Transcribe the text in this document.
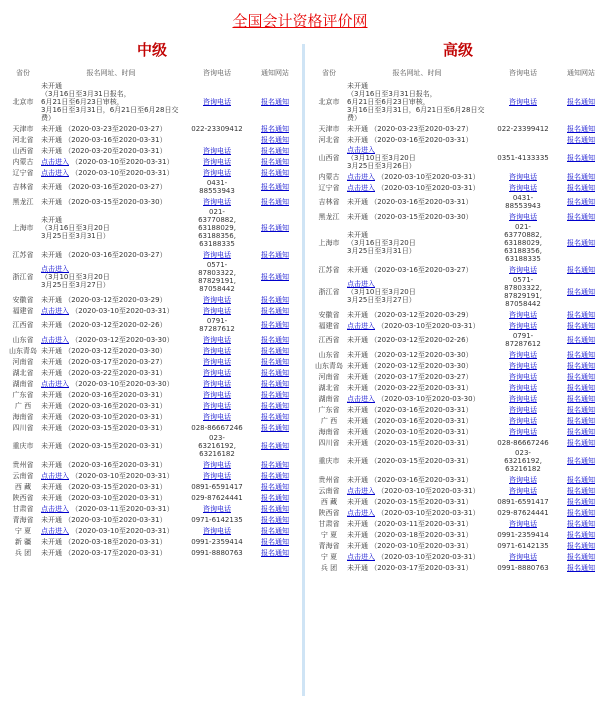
全国会计资格评价网
中级
省份	报名网址、时间	咨询电话	通知网站
北京市	未开通
（3月16日至3月31日报名，
6月21日至6月23日审核，
3月16日至3月31日，6月21日至6月28日交费）	咨询电话	报名通知
天津市	未开通 （2020-03-23至2020-03-27）	022-23309412	报名通知
河北省	未开通 （2020-03-16至2020-03-31）		报名通知
山西省	未开通 （2020-03-20至2020-03-31）	咨询电话	报名通知
内蒙古	点击进入 （2020-03-10至2020-03-31）	咨询电话	报名通知
辽宁省	点击进入 （2020-03-10至2020-03-31）	咨询电话	报名通知
吉林省	未开通 （2020-03-16至2020-03-27）	0431-
88553943	报名通知
黑龙江	未开通 （2020-03-15至2020-03-30）	咨询电话	报名通知
上海市	未开通
（3月16日至3月20日
3月25日至3月31日）	021-
63770882,
63188029,
63188356,
63188335	报名通知
江苏省	未开通 （2020-03-16至2020-03-27）	咨询电话	报名通知
浙江省	点击进入
（3月10日至3月20日
3月25日至3月27日）	0571-
87803322,
87829191,
87058442	报名通知
安徽省	未开通 （2020-03-12至2020-03-29）	咨询电话	报名通知
福建省	点击进入 （2020-03-10至2020-03-31）	咨询电话	报名通知
江西省	未开通 （2020-03-12至2020-02-26）	0791-
87287612	报名通知
山东省	点击进入 （2020-03-12至2020-03-30）	咨询电话	报名通知
山东青岛	未开通 （2020-03-12至2020-03-30）	咨询电话	报名通知
河南省	未开通 （2020-03-17至2020-03-27）	咨询电话	报名通知
湖北省	未开通 （2020-03-22至2020-03-31）	咨询电话	报名通知
湖南省	点击进入 （2020-03-10至2020-03-30）	咨询电话	报名通知
广东省	未开通 （2020-03-16至2020-03-31）	咨询电话	报名通知
广 西	未开通 （2020-03-16至2020-03-31）	咨询电话	报名通知
海南省	未开通 （2020-03-10至2020-03-31）	咨询电话	报名通知
四川省	未开通 （2020-03-15至2020-03-31）	028-86667246	报名通知
重庆市	未开通 （2020-03-15至2020-03-31）	023-
63216192,
63216182	报名通知
贵州省	未开通 （2020-03-16至2020-03-31）	咨询电话	报名通知
云南省	点击进入 （2020-03-10至2020-03-31）	咨询电话	报名通知
西 藏	未开通 （2020-03-15至2020-03-31）	0891-6591417	报名通知
陕西省	未开通 （2020-03-10至2020-03-31）	029-87624441	报名通知
甘肃省	点击进入 （2020-03-11至2020-03-31）	咨询电话	报名通知
青海省	未开通 （2020-03-10至2020-03-31）	0971-6142135	报名通知
宁 夏	点击进入 （2020-03-10至2020-03-31）	咨询电话	报名通知
新 疆	未开通 （2020-03-18至2020-03-31）	0991-2359414	报名通知
兵 团	未开通 （2020-03-17至2020-03-31）	0991-8880763	报名通知
高级
省份	报名网址、时间	咨询电话	通知网站
北京市	未开通
（3月16日至3月31日报名，
6月21日至6月23日审核，
3月16日至3月31日，6月21日至6月28日交费）	咨询电话	报名通知
天津市	未开通 （2020-03-23至2020-03-27）	022-23399412	报名通知
河北省	未开通 （2020-03-16至2020-03-31）		报名通知
山西省	点击进入
（3月10日至3月20日
3月25日至3月26日）	0351-4133335	报名通知
内蒙古	点击进入 （2020-03-10至2020-03-31）	咨询电话	报名通知
辽宁省	点击进入 （2020-03-10至2020-03-31）	咨询电话	报名通知
吉林省	未开通 （2020-03-16至2020-03-31）	0431-
88553943	报名通知
黑龙江	未开通 （2020-03-15至2020-03-30）	咨询电话	报名通知
上海市	未开通
（3月16日至3月20日
3月25日至3月31日）	021-
63770882,
63188029,
63188356,
63188335	报名通知
江苏省	未开通 （2020-03-16至2020-03-27）	咨询电话	报名通知
浙江省	点击进入
（3月10日至3月20日
3月25日至3月27日）	0571-
87803322,
87829191,
87058442	报名通知
安徽省	未开通 （2020-03-12至2020-03-29）	咨询电话	报名通知
福建省	点击进入 （2020-03-10至2020-03-31）	咨询电话	报名通知
江西省	未开通 （2020-03-12至2020-02-26）	0791-
87287612	报名通知
山东省	未开通 （2020-03-12至2020-03-30）	咨询电话	报名通知
山东青岛	未开通 （2020-03-12至2020-03-30）	咨询电话	报名通知
河南省	未开通 （2020-03-17至2020-03-27）	咨询电话	报名通知
湖北省	未开通 （2020-03-22至2020-03-31）	咨询电话	报名通知
湖南省	点击进入 （2020-03-10至2020-03-30）	咨询电话	报名通知
广东省	未开通 （2020-03-16至2020-03-31）	咨询电话	报名通知
广 西	未开通 （2020-03-16至2020-03-31）	咨询电话	报名通知
海南省	未开通 （2020-03-10至2020-03-31）	咨询电话	报名通知
四川省	未开通 （2020-03-15至2020-03-31）	028-86667246	报名通知
重庆市	未开通 （2020-03-15至2020-03-31）	023-
63216192,
63216182	报名通知
贵州省	未开通 （2020-03-16至2020-03-31）	咨询电话	报名通知
云南省	点击进入 （2020-03-10至2020-03-31）	咨询电话	报名通知
西 藏	未开通 （2020-03-15至2020-03-31）	0891-6591417	报名通知
陕西省	点击进入 （2020-03-10至2020-03-31）	029-87624441	报名通知
甘肃省	未开通 （2020-03-11至2020-03-31）	咨询电话	报名通知
宁 夏	未开通 （2020-03-18至2020-03-31）	0991-2359414	报名通知
青海省	未开通 （2020-03-10至2020-03-31）	0971-6142135	报名通知
宁 夏	点击进入 （2020-03-10至2020-03-31）	咨询电话	报名通知
兵 团	未开通 （2020-03-17至2020-03-31）	0991-8880763	报名通知
